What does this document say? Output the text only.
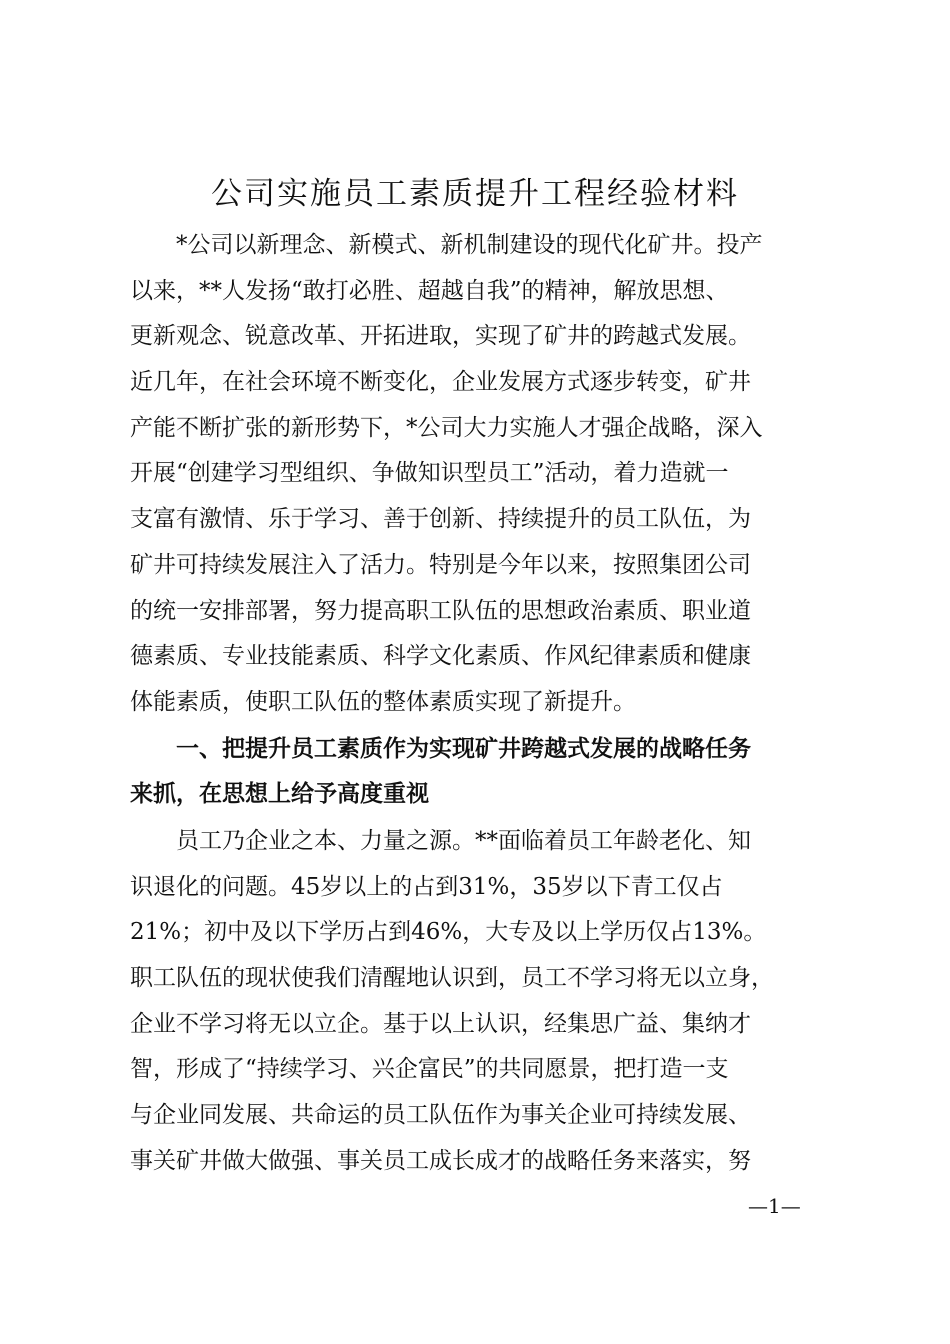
公司实施员工素质提升工程经验材料
　　*公司以新理念、新模式、新机制建设的现代化矿井。投产
以来，**人发扬“敢打必胜、超越自我”的精神，解放思想、
更新观念、锐意改革、开拓进取，实现了矿井的跨越式发展。
近几年，在社会环境不断变化，企业发展方式逐步转变，矿井
产能不断扩张的新形势下，*公司大力实施人才强企战略，深入
开展“创建学习型组织、争做知识型员工”活动，着力造就一
支富有激情、乐于学习、善于创新、持续提升的员工队伍，为
矿井可持续发展注入了活力。特别是今年以来，按照集团公司
的统一安排部署，努力提高职工队伍的思想政治素质、职业道
德素质、专业技能素质、科学文化素质、作风纪律素质和健康
体能素质，使职工队伍的整体素质实现了新提升。
　　一、把提升员工素质作为实现矿井跨越式发展的战略任务
来抓，在思想上给予高度重视
　　员工乃企业之本、力量之源。**面临着员工年龄老化、知
识退化的问题。45岁以上的占到31%，35岁以下青工仅占
21%；初中及以下学历占到46%，大专及以上学历仅占13%。
职工队伍的现状使我们清醒地认识到，员工不学习将无以立身，
企业不学习将无以立企。基于以上认识，经集思广益、集纳才
智，形成了“持续学习、兴企富民”的共同愿景，把打造一支
与企业同发展、共命运的员工队伍作为事关企业可持续发展、
事关矿井做大做强、事关员工成长成才的战略任务来落实，努
—1—
